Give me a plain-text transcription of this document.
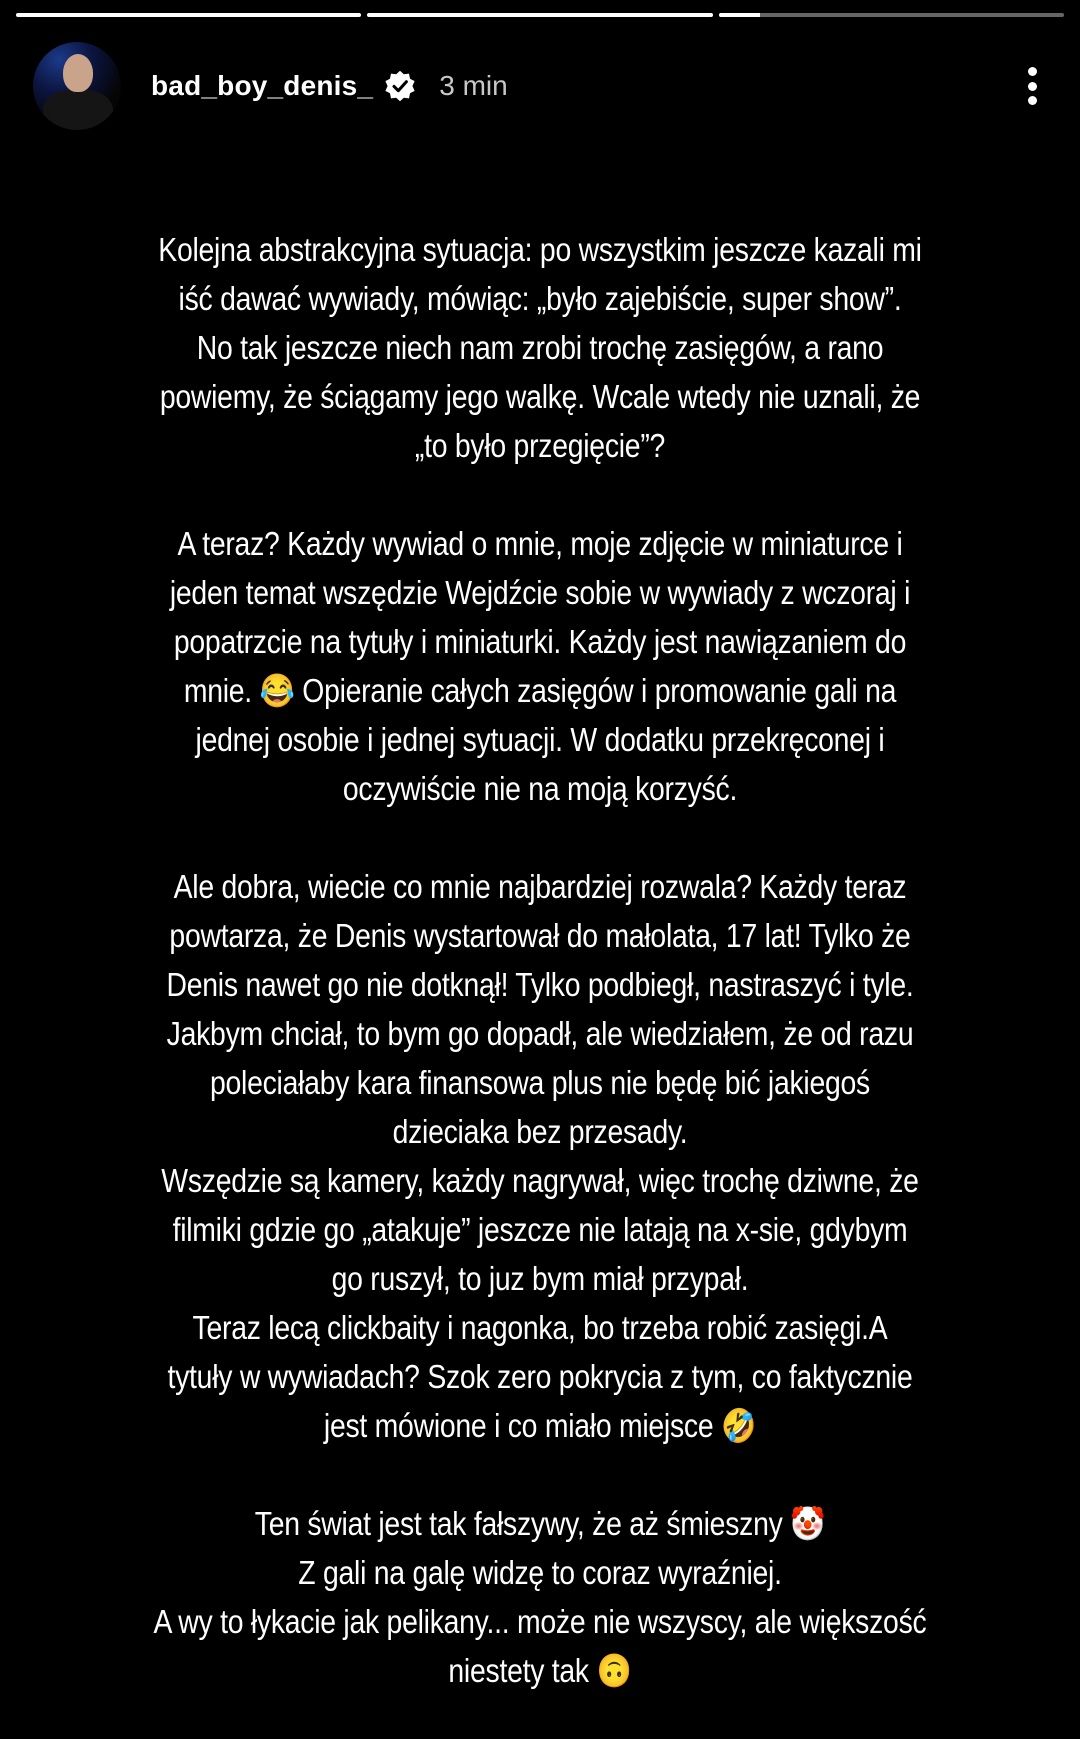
bad_boy_denis_ 3 min

Kolejna abstrakcyjna sytuacja: po wszystkim jeszcze kazali mi
iść dawać wywiady, mówiąc: „było zajebiście, super show”.
No tak jeszcze niech nam zrobi trochę zasięgów, a rano
powiemy, że ściągamy jego walkę. Wcale wtedy nie uznali, że
„to było przegięcie”?

A teraz? Każdy wywiad o mnie, moje zdjęcie w miniaturce i
jeden temat wszędzie Wejdźcie sobie w wywiady z wczoraj i
popatrzcie na tytuły i miniaturki. Każdy jest nawiązaniem do
mnie. 😂 Opieranie całych zasięgów i promowanie gali na
jednej osobie i jednej sytuacji. W dodatku przekręconej i
oczywiście nie na moją korzyść.

Ale dobra, wiecie co mnie najbardziej rozwala? Każdy teraz
powtarza, że Denis wystartował do małolata, 17 lat! Tylko że
Denis nawet go nie dotknął! Tylko podbiegł, nastraszyć i tyle.
Jakbym chciał, to bym go dopadł, ale wiedziałem, że od razu
poleciałaby kara finansowa plus nie będę bić jakiegoś
dzieciaka bez przesady.
Wszędzie są kamery, każdy nagrywał, więc trochę dziwne, że
filmiki gdzie go „atakuje” jeszcze nie latają na x-sie, gdybym
go ruszył, to juz bym miał przypał.
Teraz lecą clickbaity i nagonka, bo trzeba robić zasięgi.A
tytuły w wywiadach? Szok zero pokrycia z tym, co faktycznie
jest mówione i co miało miejsce 🤣

Ten świat jest tak fałszywy, że aż śmieszny 🤡
Z gali na galę widzę to coraz wyraźniej.
A wy to łykacie jak pelikany... może nie wszyscy, ale większość
niestety tak 🙃
